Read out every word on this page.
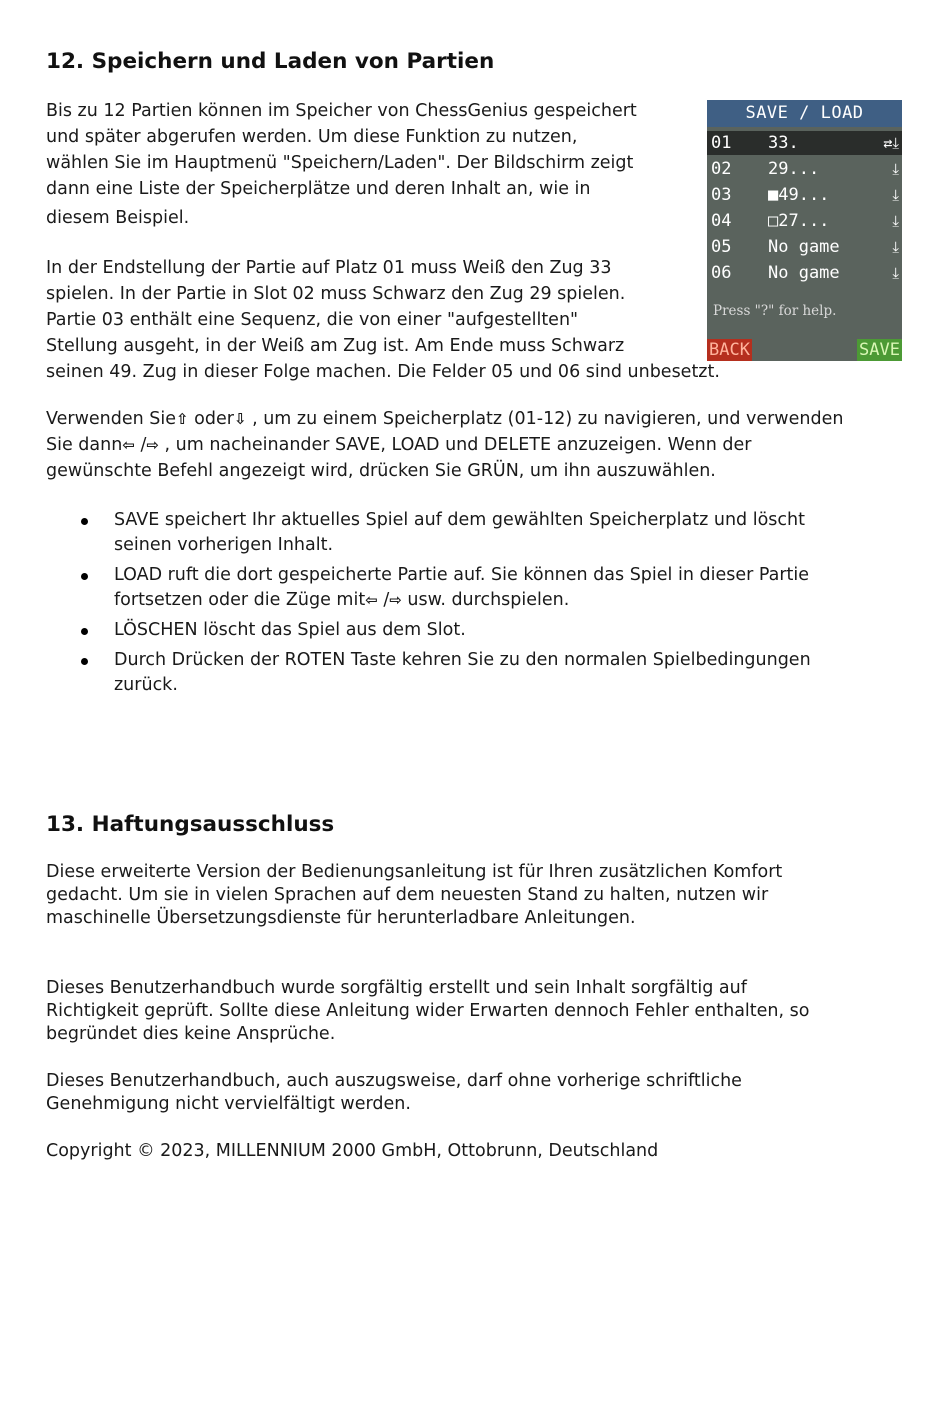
12. Speichern und Laden von Partien
Bis zu 12 Partien können im Speicher von ChessGenius gespeichert
und später abgerufen werden. Um diese Funktion zu nutzen,
wählen Sie im Hauptmenü "Speichern/Laden". Der Bildschirm zeigt
dann eine Liste der Speicherplätze und deren Inhalt an, wie in
diesem Beispiel.
In der Endstellung der Partie auf Platz 01 muss Weiß den Zug 33
spielen. In der Partie in Slot 02 muss Schwarz den Zug 29 spielen.
Partie 03 enthält eine Sequenz, die von einer "aufgestellten"
Stellung ausgeht, in der Weiß am Zug ist. Am Ende muss Schwarz
seinen 49. Zug in dieser Folge machen. Die Felder 05 und 06 sind unbesetzt.
Verwenden Sie⇧ oder⇩ , um zu einem Speicherplatz (01-12) zu navigieren, und verwenden
Sie dann⇦ /⇨ , um nacheinander SAVE, LOAD und DELETE anzuzeigen. Wenn der
gewünschte Befehl angezeigt wird, drücken Sie GRÜN, um ihn auszuwählen.
SAVE speichert Ihr aktuelles Spiel auf dem gewählten Speicherplatz und löscht
seinen vorherigen Inhalt.
LOAD ruft die dort gespeicherte Partie auf. Sie können das Spiel in dieser Partie
fortsetzen oder die Züge mit⇦ /⇨ usw. durchspielen.
LÖSCHEN löscht das Spiel aus dem Slot.
Durch Drücken der ROTEN Taste kehren Sie zu den normalen Spielbedingungen
zurück.
SAVE / LOAD
01 33.	⇄⤓
02 29...	⤓
03 ■49...	⤓
04 □27...	⤓
05 No game	⤓
06 No game	⤓
Press "?" for help.
BACK	SAVE
13. Haftungsausschluss
Diese erweiterte Version der Bedienungsanleitung ist für Ihren zusätzlichen Komfort
gedacht. Um sie in vielen Sprachen auf dem neuesten Stand zu halten, nutzen wir
maschinelle Übersetzungsdienste für herunterladbare Anleitungen.
Dieses Benutzerhandbuch wurde sorgfältig erstellt und sein Inhalt sorgfältig auf
Richtigkeit geprüft. Sollte diese Anleitung wider Erwarten dennoch Fehler enthalten, so
begründet dies keine Ansprüche.
Dieses Benutzerhandbuch, auch auszugsweise, darf ohne vorherige schriftliche
Genehmigung nicht vervielfältigt werden.
Copyright © 2023, MILLENNIUM 2000 GmbH, Ottobrunn, Deutschland
